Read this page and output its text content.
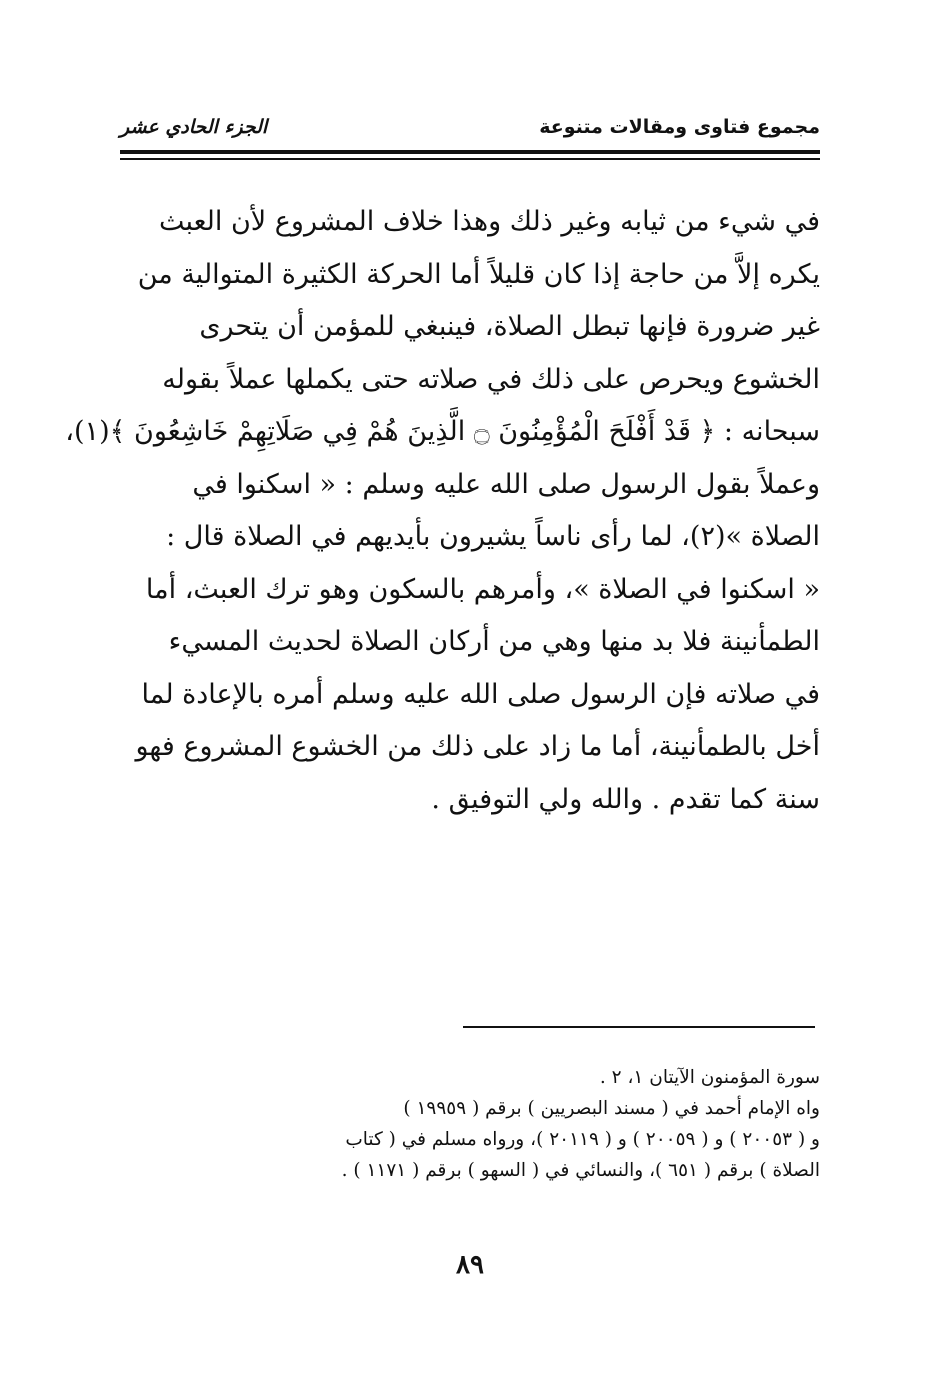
مجموع فتاوى ومقالات متنوعة
الجزء الحادي عشر
في شيء من ثيابه وغير ذلك وهذا خلاف المشروع لأن العبث
يكره إلاَّ من حاجة إذا كان قليلاً أما الحركة الكثيرة المتوالية من
غير ضرورة فإنها تبطل الصلاة، فينبغي للمؤمن أن يتحرى
الخشوع ويحرص على ذلك في صلاته حتى يكملها عملاً بقوله
سبحانه : ﴿ قَدْ أَفْلَحَ الْمُؤْمِنُونَ ۝ الَّذِينَ هُمْ فِي صَلَاتِهِمْ خَاشِعُونَ ﴾(١)،
وعملاً بقول الرسول صلى الله عليه وسلم : « اسكنوا في
الصلاة »(٢)، لما رأى ناساً يشيرون بأيديهم في الصلاة قال :
« اسكنوا في الصلاة »، وأمرهم بالسكون وهو ترك العبث، أما
الطمأنينة فلا بد منها وهي من أركان الصلاة لحديث المسيء
في صلاته فإن الرسول صلى الله عليه وسلم أمره بالإعادة لما
أخل بالطمأنينة، أما ما زاد على ذلك من الخشوع المشروع فهو
سنة كما تقدم . والله ولي التوفيق .
سورة المؤمنون الآيتان ١، ٢ .
واه الإمام أحمد في ( مسند البصريين ) برقم ( ١٩٩٥٩ )
و ( ٢٠٠٥٣ ) و ( ٢٠٠٥٩ ) و ( ٢٠١١٩ )، ورواه مسلم في ( كتاب
الصلاة ) برقم ( ٦٥١ )، والنسائي في ( السهو ) برقم ( ١١٧١ ) .
٨٩
